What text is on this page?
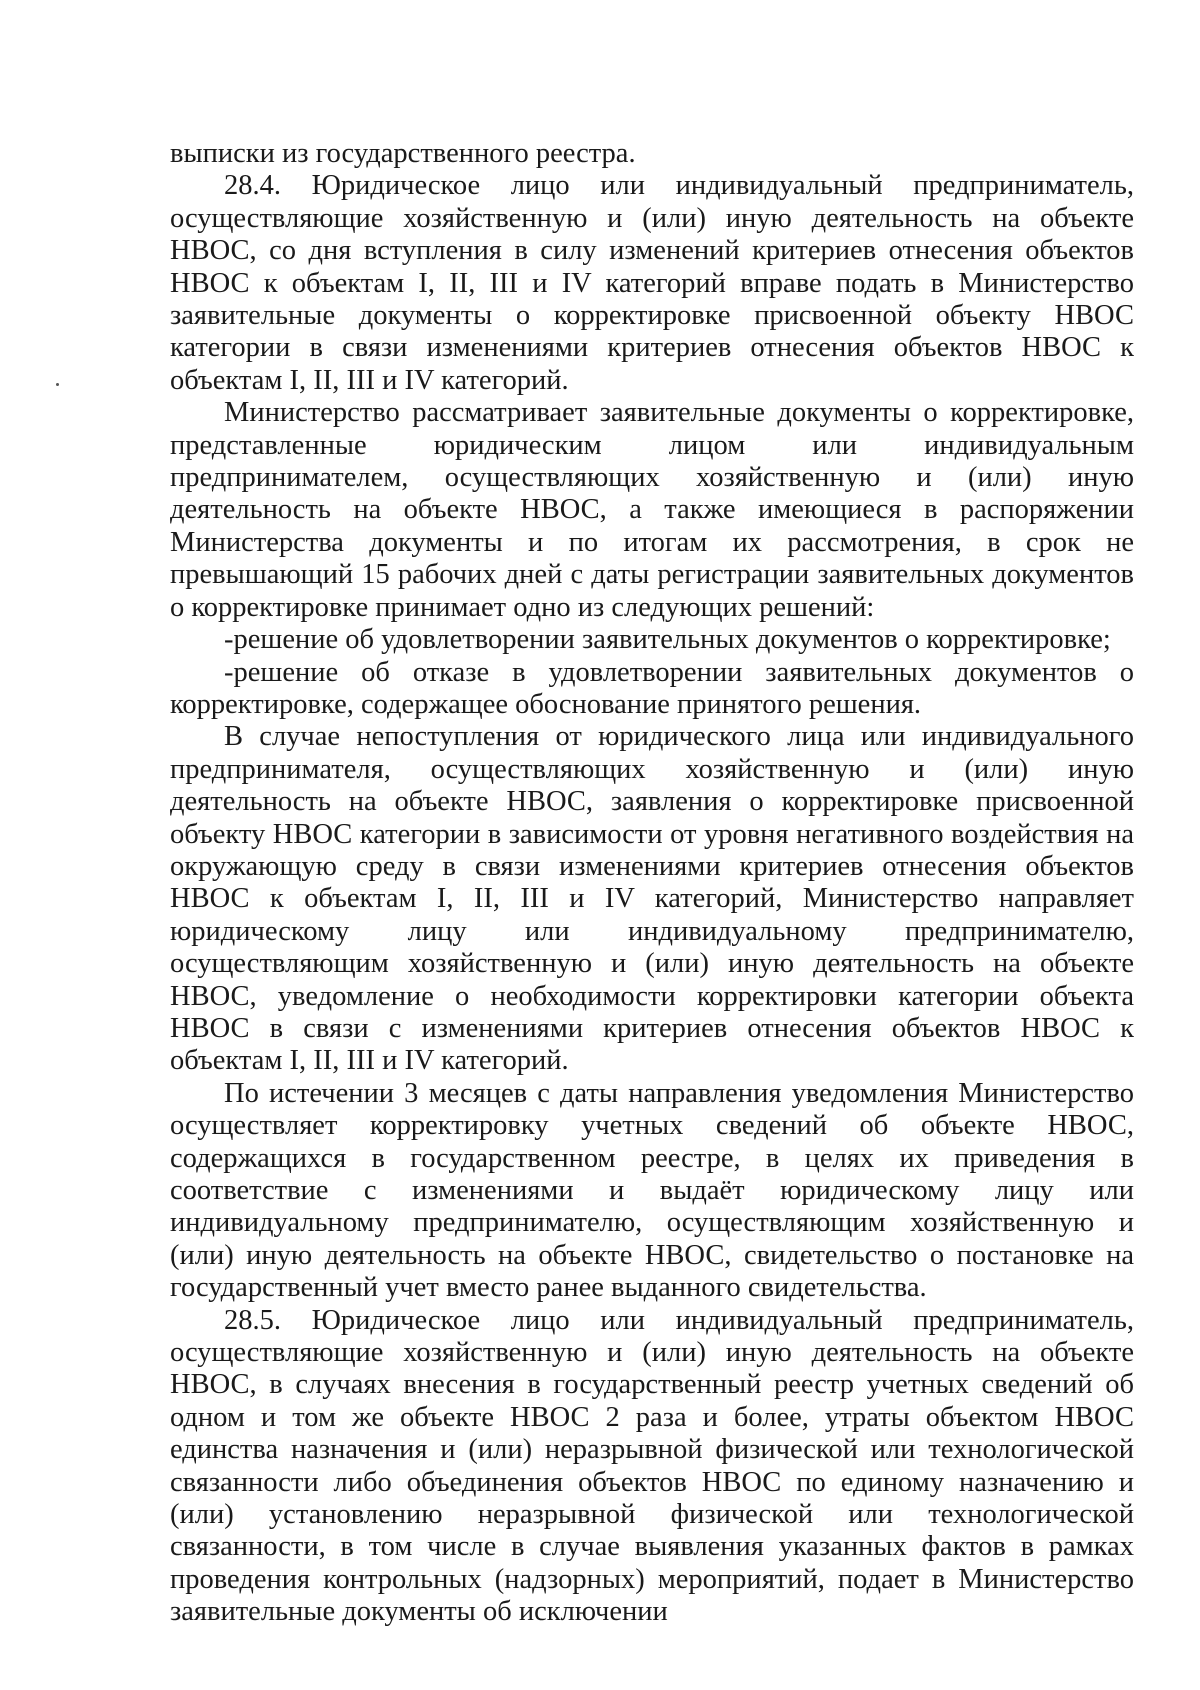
выписки из государственного реестра.

28.4. Юридическое лицо или индивидуальный предприниматель, осуществляющие хозяйственную и (или) иную деятельность на объекте НВОС, со дня вступления в силу изменений критериев отнесения объектов НВОС к объектам I, II, III и IV категорий вправе подать в Министерство заявительные документы о корректировке присвоенной объекту НВОС категории в связи изменениями критериев отнесения объектов НВОС к объектам I, II, III и IV категорий.

Министерство рассматривает заявительные документы о корректировке, представленные юридическим лицом или индивидуальным предпринимателем, осуществляющих хозяйственную и (или) иную деятельность на объекте НВОС, а также имеющиеся в распоряжении Министерства документы и по итогам их рассмотрения, в срок не превышающий 15 рабочих дней с даты регистрации заявительных документов о корректировке принимает одно из следующих решений:

-решение об удовлетворении заявительных документов о корректировке;

-решение об отказе в удовлетворении заявительных документов о корректировке, содержащее обоснование принятого решения.

В случае непоступления от юридического лица или индивидуального предпринимателя, осуществляющих хозяйственную и (или) иную деятельность на объекте НВОС, заявления о корректировке присвоенной объекту НВОС категории в зависимости от уровня негативного воздействия на окружающую среду в связи изменениями критериев отнесения объектов НВОС к объектам I, II, III и IV категорий, Министерство направляет юридическому лицу или индивидуальному предпринимателю, осуществляющим хозяйственную и (или) иную деятельность на объекте НВОС, уведомление о необходимости корректировки категории объекта НВОС в связи с изменениями критериев отнесения объектов НВОС к объектам I, II, III и IV категорий.

По истечении 3 месяцев с даты направления уведомления Министерство осуществляет корректировку учетных сведений об объекте НВОС, содержащихся в государственном реестре, в целях их приведения в соответствие с изменениями и выдаёт юридическому лицу или индивидуальному предпринимателю, осуществляющим хозяйственную и (или) иную деятельность на объекте НВОС, свидетельство о постановке на государственный учет вместо ранее выданного свидетельства.

28.5. Юридическое лицо или индивидуальный предприниматель, осуществляющие хозяйственную и (или) иную деятельность на объекте НВОС, в случаях внесения в государственный реестр учетных сведений об одном и том же объекте НВОС 2 раза и более, утраты объектом НВОС единства назначения и (или) неразрывной физической или технологической связанности либо объединения объектов НВОС по единому назначению и (или) установлению неразрывной физической или технологической связанности, в том числе в случае выявления указанных фактов в рамках проведения контрольных (надзорных) мероприятий, подает в Министерство заявительные документы об исключении
